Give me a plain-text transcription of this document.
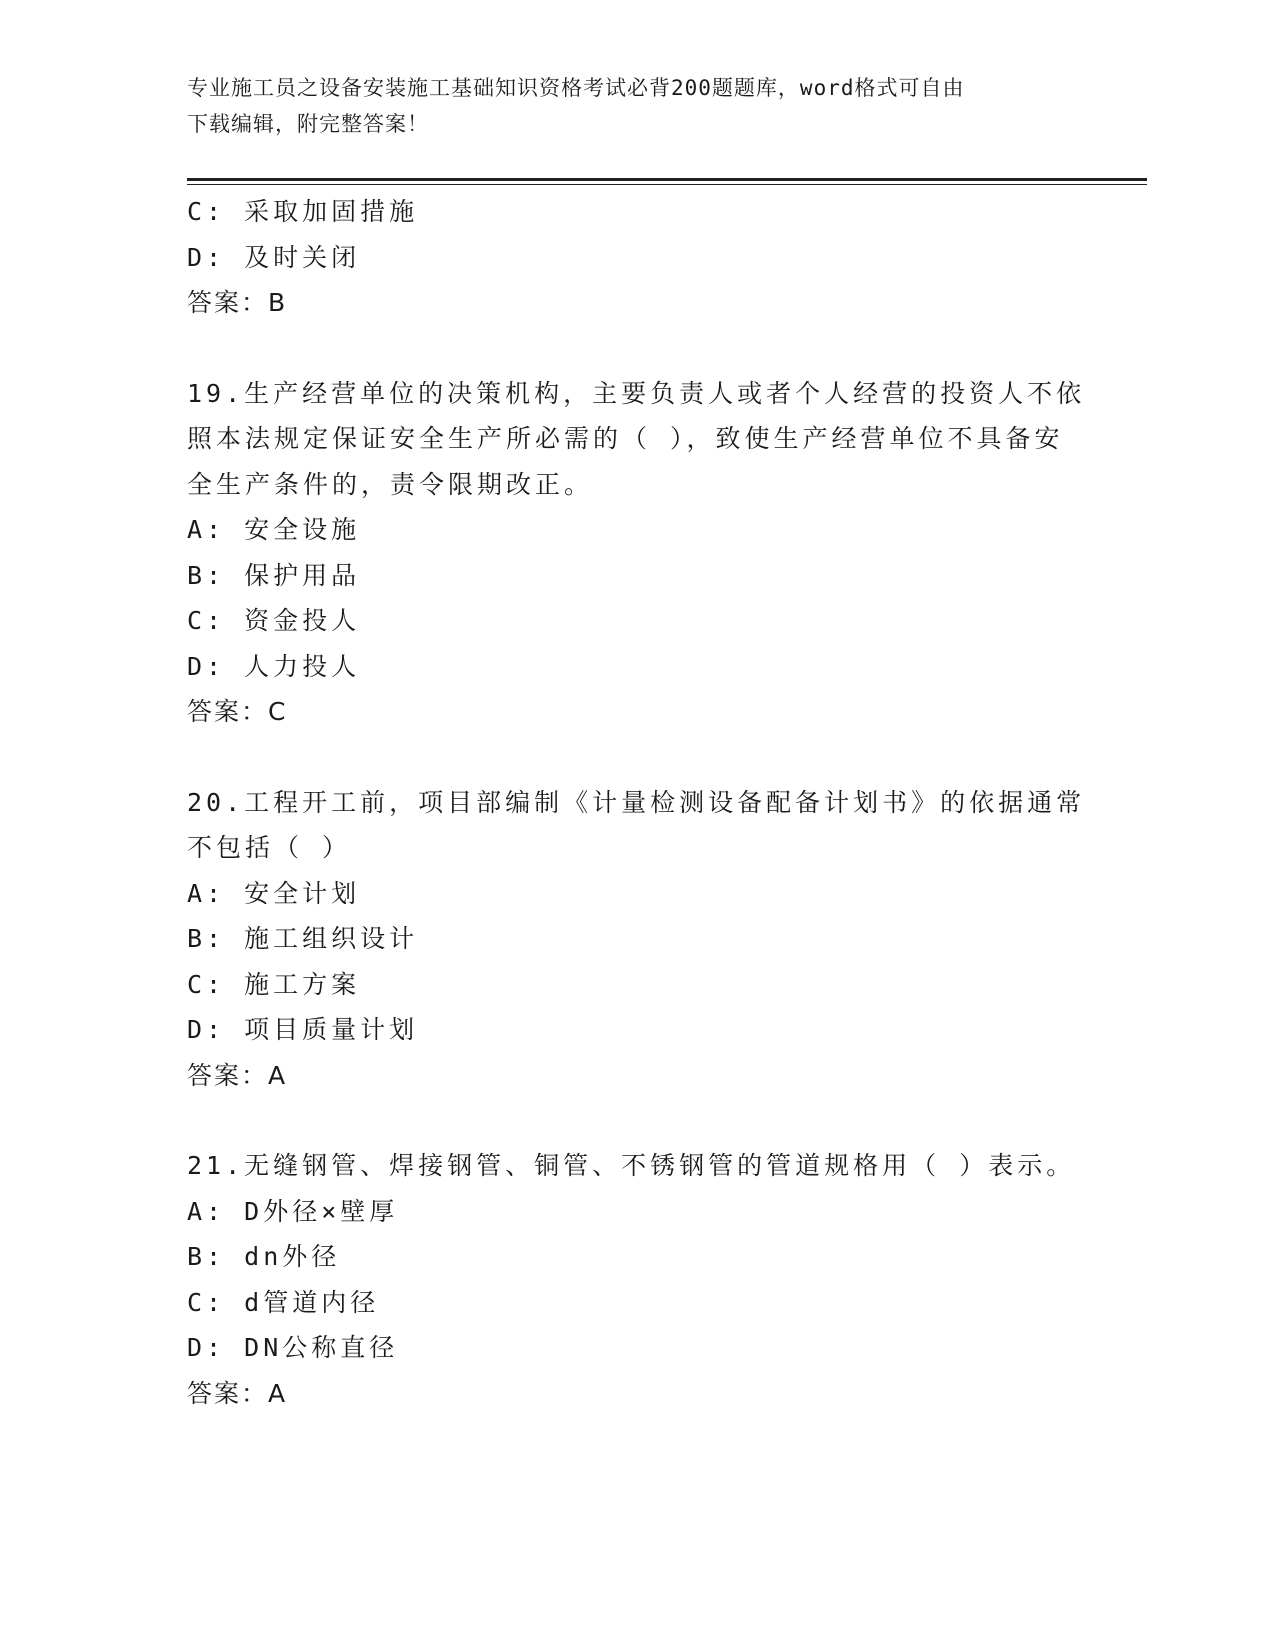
专业施工员之设备安装施工基础知识资格考试必背200题题库，word格式可自由
下载编辑，附完整答案！
C: 采取加固措施
D: 及时关闭
答案：B
19.生产经营单位的决策机构，主要负责人或者个人经营的投资人不依
照本法规定保证安全生产所必需的（ ），致使生产经营单位不具备安
全生产条件的，责令限期改正。
A: 安全设施
B: 保护用品
C: 资金投人
D: 人力投人
答案：C
20.工程开工前，项目部编制《计量检测设备配备计划书》的依据通常
不包括（ ）
A: 安全计划
B: 施工组织设计
C: 施工方案
D: 项目质量计划
答案：A
21.无缝钢管、焊接钢管、铜管、不锈钢管的管道规格用（ ）表示。
A: D外径×壁厚
B: dn外径
C: d管道内径
D: DN公称直径
答案：A
